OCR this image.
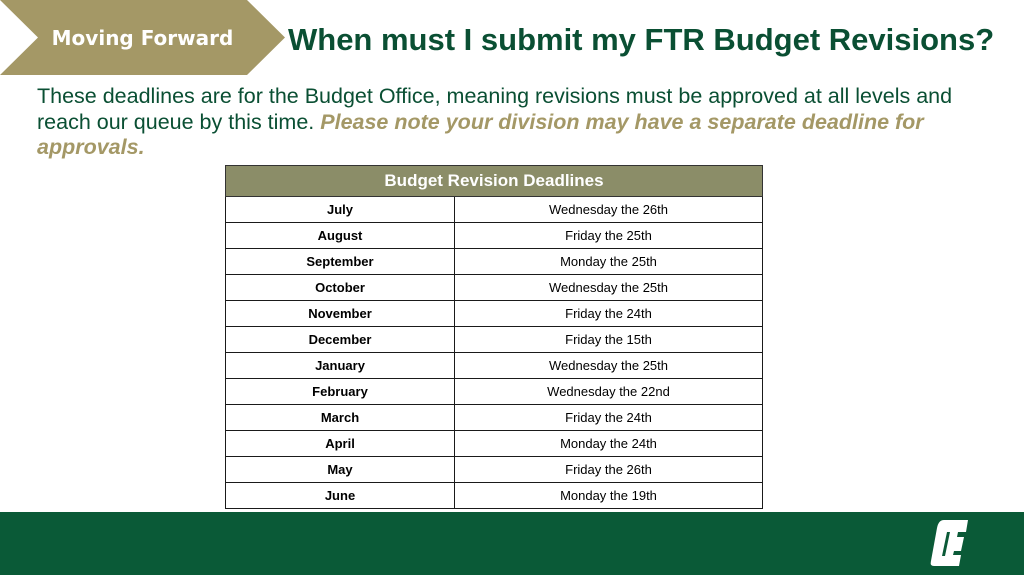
Moving Forward When must I submit my FTR Budget Revisions?
These deadlines are for the Budget Office, meaning revisions must be approved at all levels and reach our queue by this time. Please note your division may have a separate deadline for approvals.
Budget Revision Deadlines	
July	Wednesday the 26th
August	Friday the 25th
September	Monday the 25th
October	Wednesday the 25th
November	Friday the 24th
December	Friday the 15th
January	Wednesday the 25th
February	Wednesday the 22nd
March	Friday the 24th
April	Monday the 24th
May	Friday the 26th
June	Monday the 19th
